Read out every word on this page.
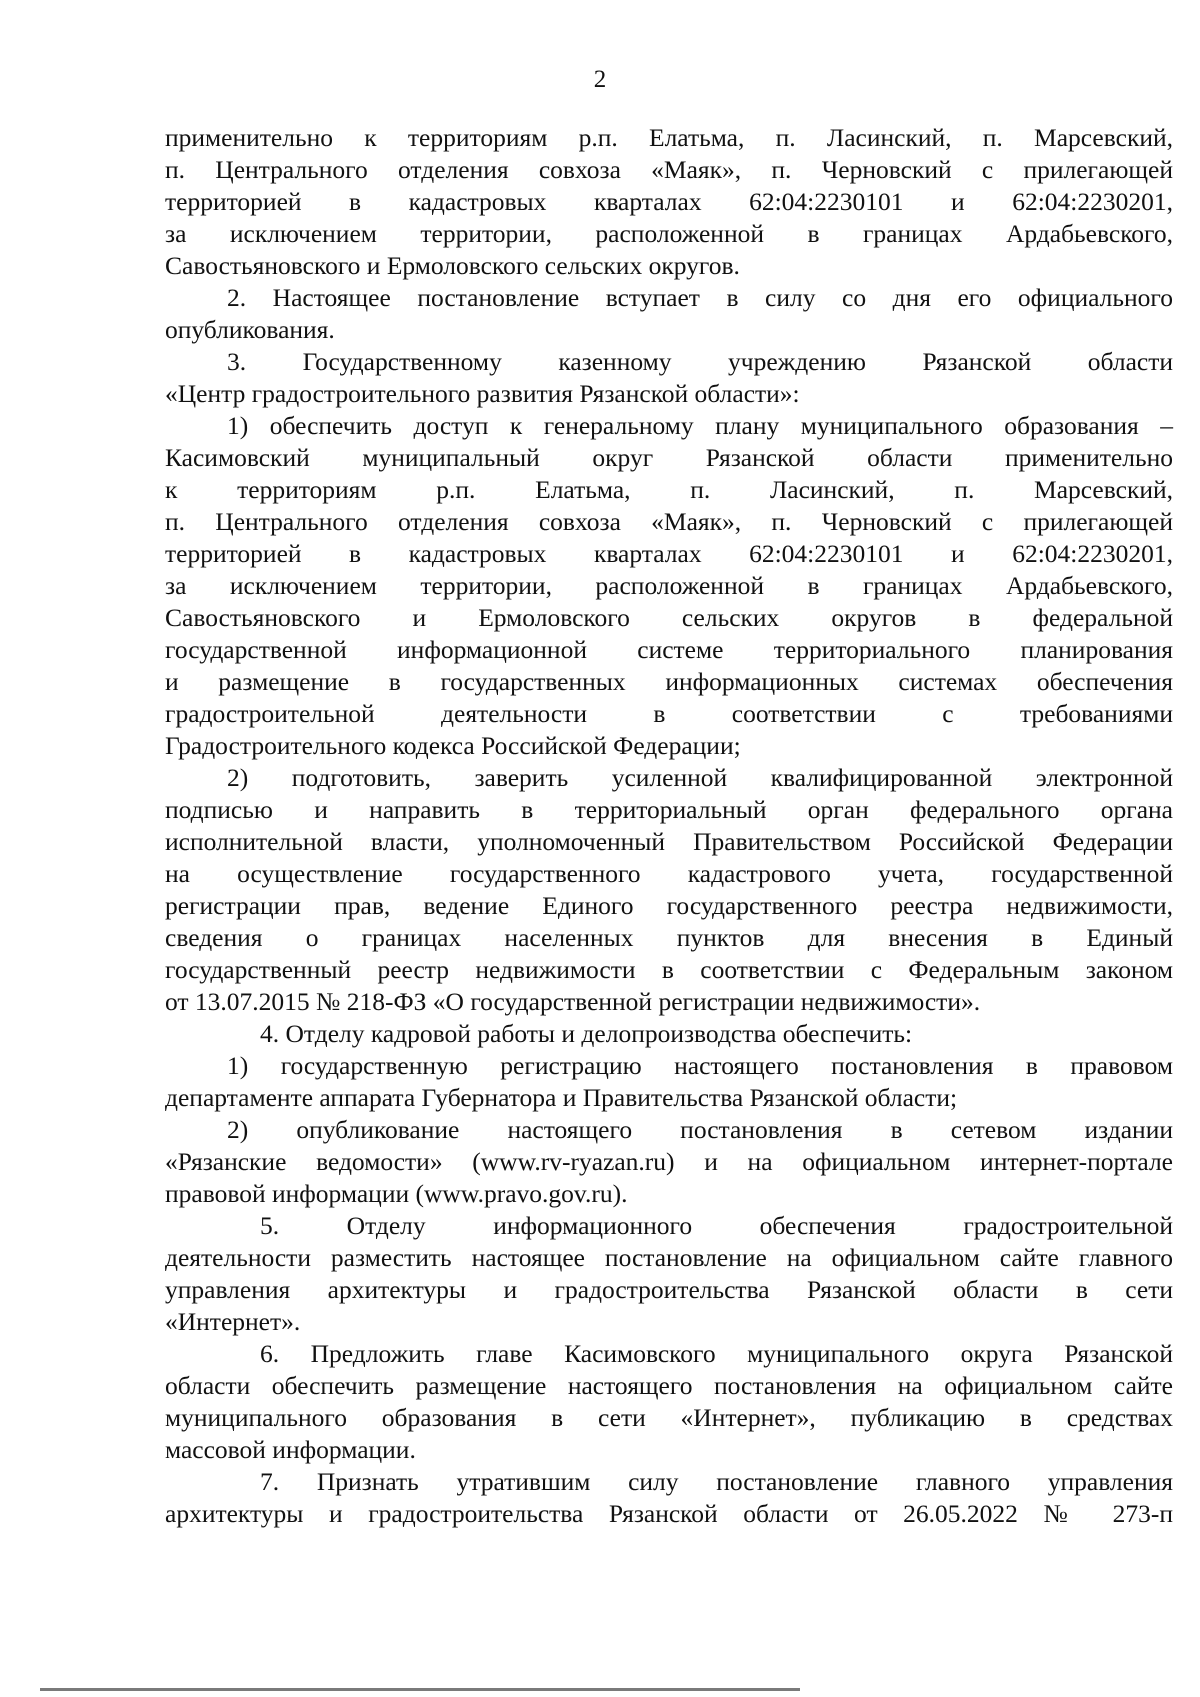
2
применительно к территориям р.п. Елатьма, п. Ласинский, п. Марсевский,
п. Центрального отделения совхоза «Маяк», п. Черновский с прилегающей
территорией в кадастровых кварталах 62:04:2230101 и 62:04:2230201,
за исключением территории, расположенной в границах Ардабьевского,
Савостьяновского и Ермоловского сельских округов.
2. Настоящее постановление вступает в силу со дня его официального
опубликования.
3. Государственному казенному учреждению Рязанской области
«Центр градостроительного развития Рязанской области»:
1) обеспечить доступ к генеральному плану муниципального образования –
Касимовский муниципальный округ Рязанской области применительно
к территориям р.п. Елатьма, п. Ласинский, п. Марсевский,
п. Центрального отделения совхоза «Маяк», п. Черновский с прилегающей
территорией в кадастровых кварталах 62:04:2230101 и 62:04:2230201,
за исключением территории, расположенной в границах Ардабьевского,
Савостьяновского и Ермоловского сельских округов в федеральной
государственной информационной системе территориального планирования
и размещение в государственных информационных системах обеспечения
градостроительной деятельности в соответствии с требованиями
Градостроительного кодекса Российской Федерации;
2) подготовить, заверить усиленной квалифицированной электронной
подписью и направить в территориальный орган федерального органа
исполнительной власти, уполномоченный Правительством Российской Федерации
на осуществление государственного кадастрового учета, государственной
регистрации прав, ведение Единого государственного реестра недвижимости,
сведения о границах населенных пунктов для внесения в Единый
государственный реестр недвижимости в соответствии с Федеральным законом
от 13.07.2015 № 218-ФЗ «О государственной регистрации недвижимости».
4. Отделу кадровой работы и делопроизводства обеспечить:
1) государственную регистрацию настоящего постановления в правовом
департаменте аппарата Губернатора и Правительства Рязанской области;
2) опубликование настоящего постановления в сетевом издании
«Рязанские ведомости» (www.rv-ryazan.ru) и на официальном интернет-портале
правовой информации (www.pravo.gov.ru).
5. Отделу информационного обеспечения градостроительной
деятельности разместить настоящее постановление на официальном сайте главного
управления архитектуры и градостроительства Рязанской области в сети
«Интернет».
6. Предложить главе Касимовского муниципального округа Рязанской
области обеспечить размещение настоящего постановления на официальном сайте
муниципального образования в сети «Интернет», публикацию в средствах
массовой информации.
7. Признать утратившим силу постановление главного управления
архитектуры и градостроительства Рязанской области от 26.05.2022 № 273-п
